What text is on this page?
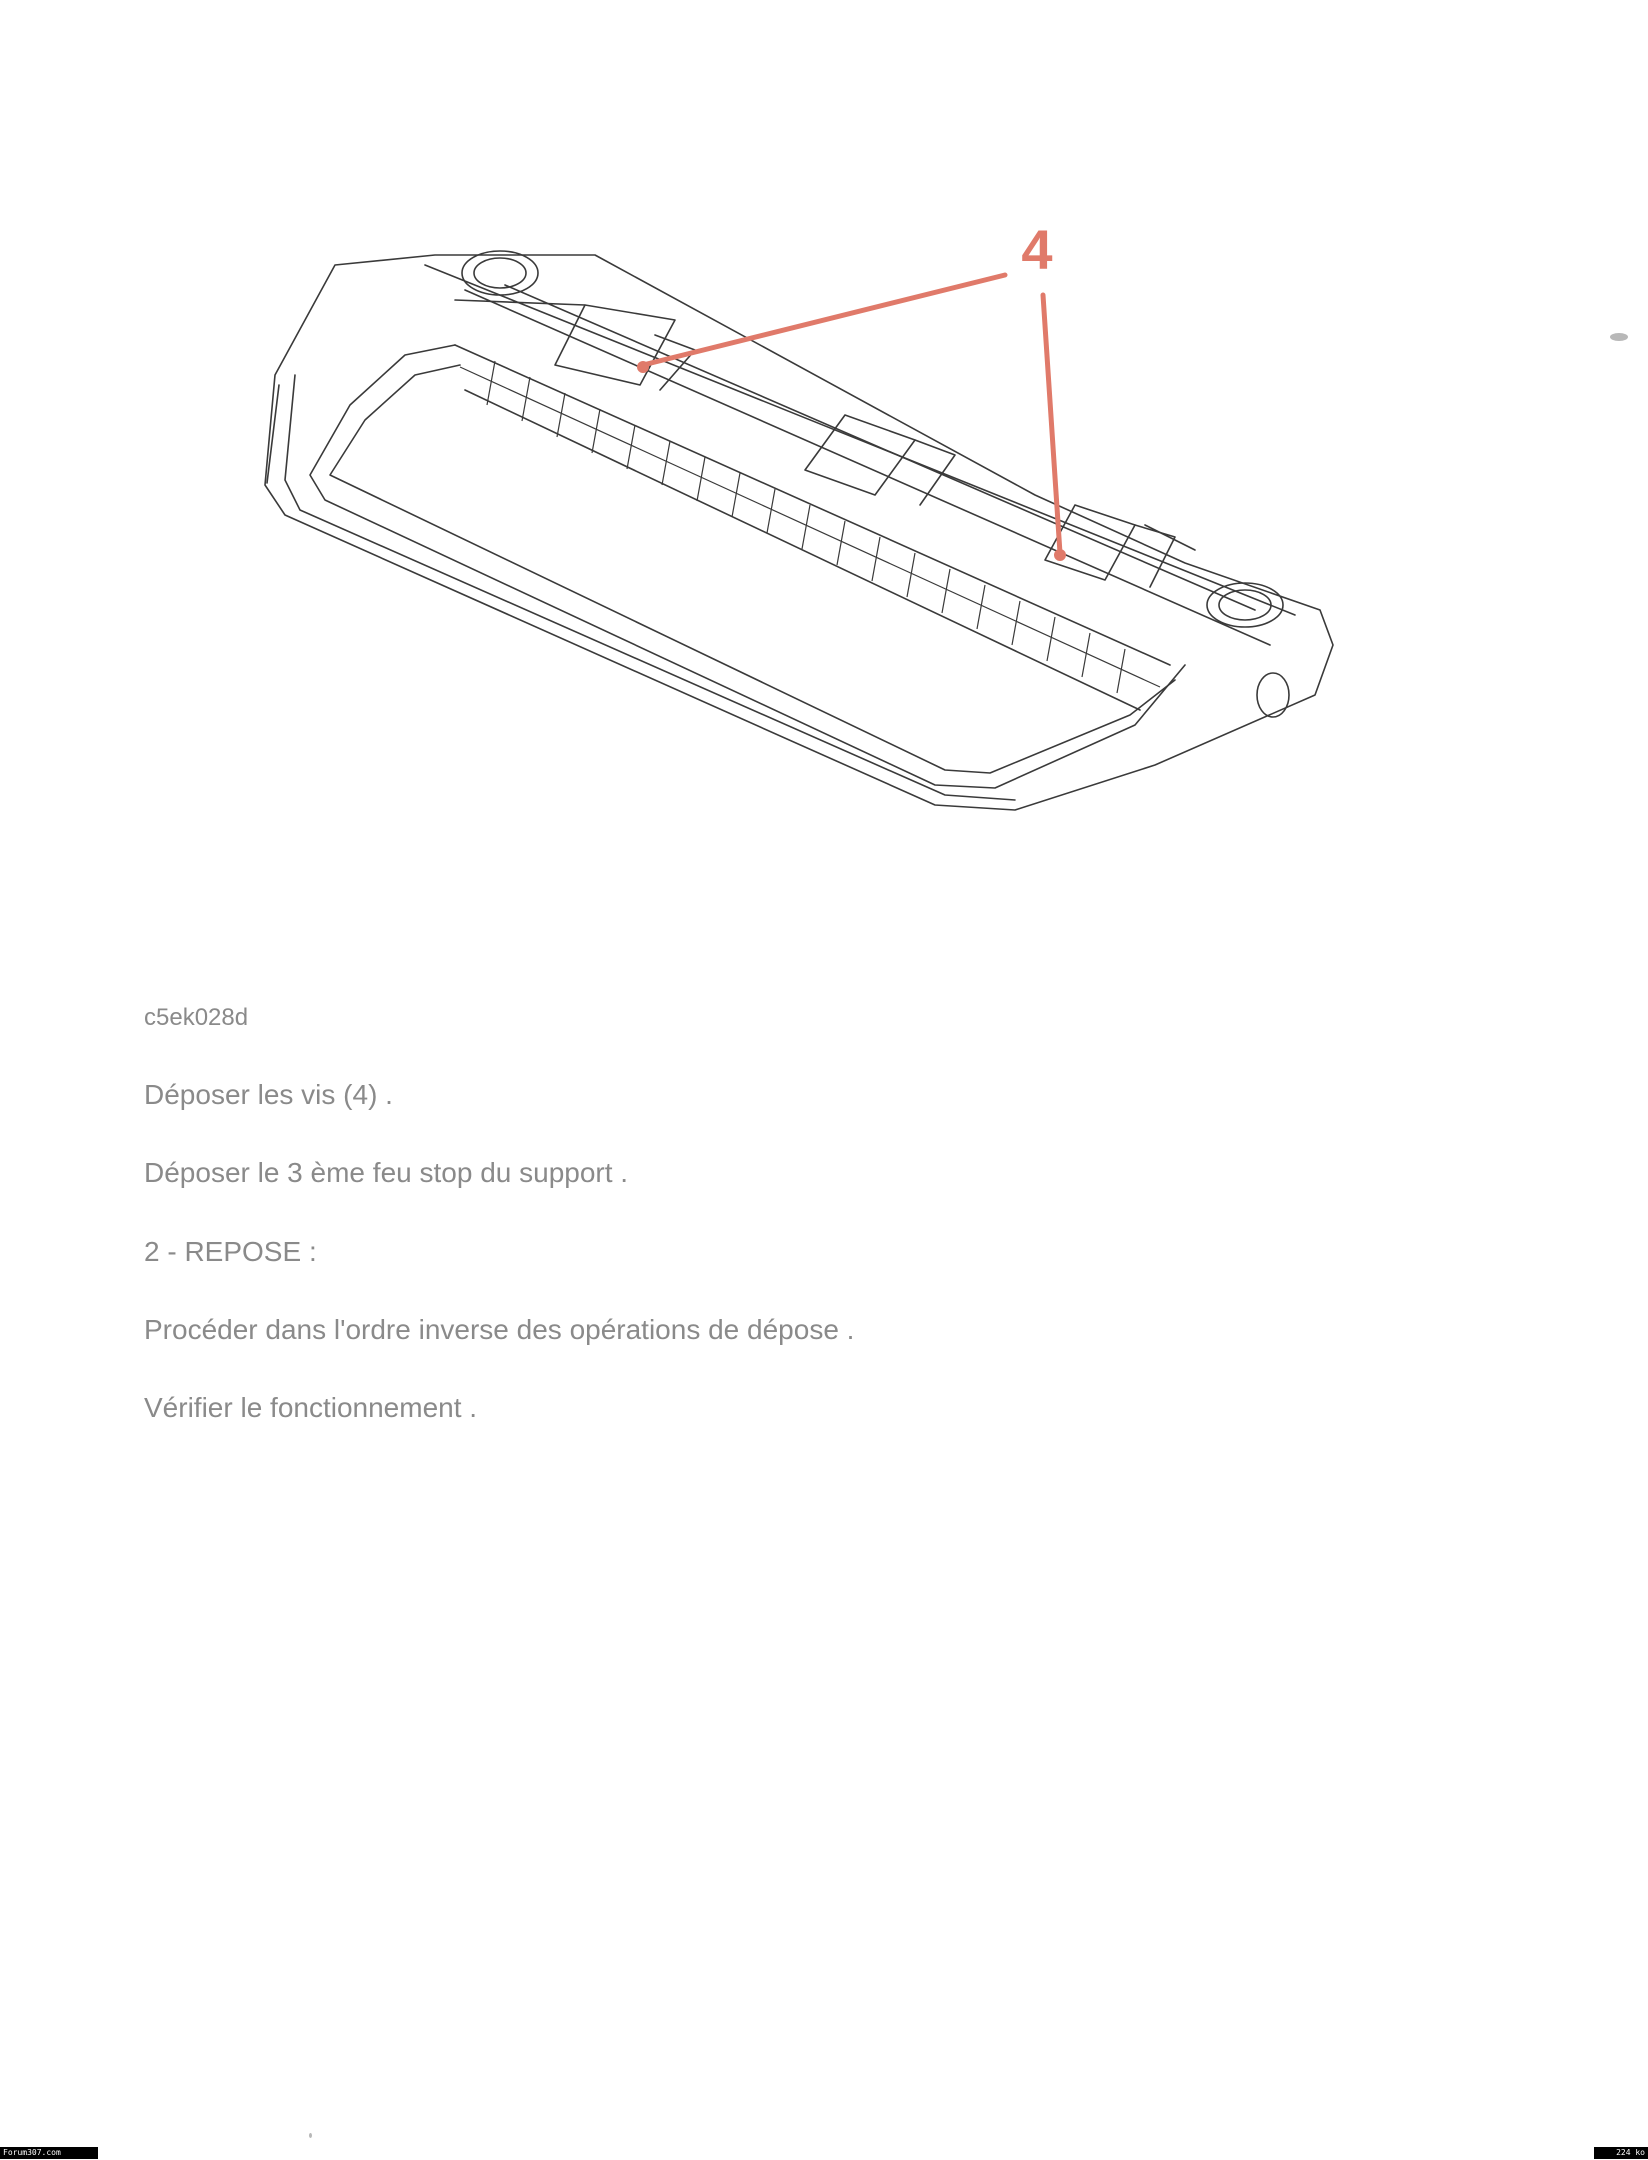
4
c5ek028d
Déposer les vis (4) .
Déposer le 3 ème feu stop du support .
2 - REPOSE :
Procéder dans l'ordre inverse des opérations de dépose .
Vérifier le fonctionnement .
Forum307.com	224 ko
